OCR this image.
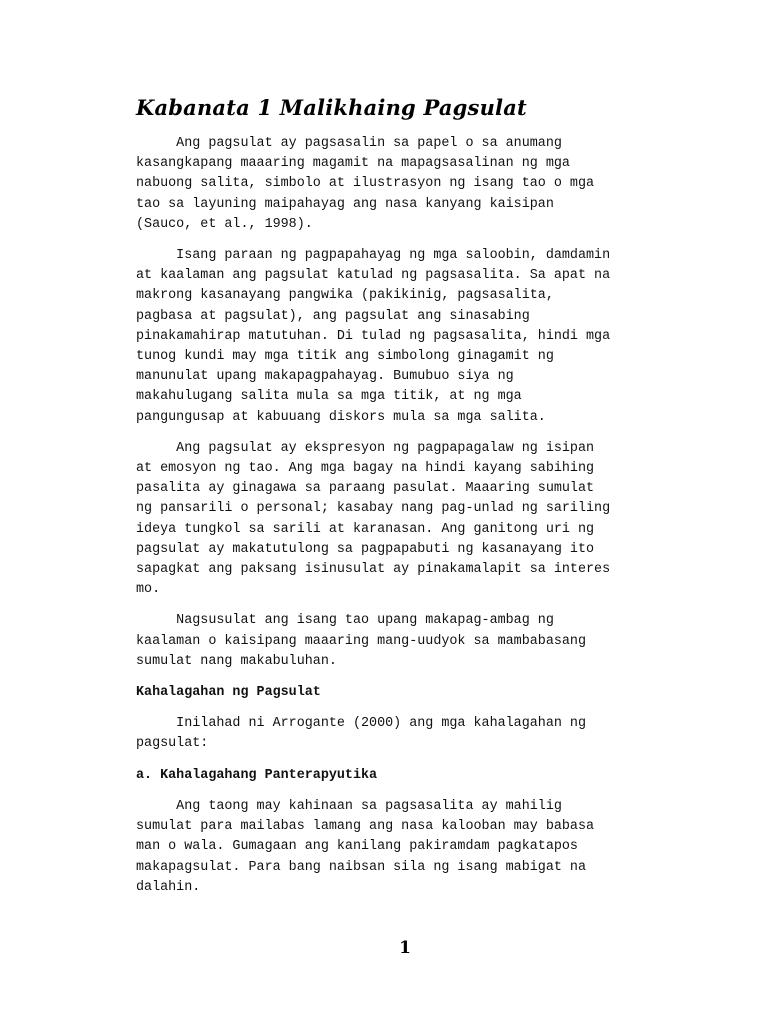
Kabanata 1 Malikhaing Pagsulat
Ang pagsulat ay pagsasalin sa papel o sa anumang
kasangkapang maaaring magamit na mapagsasalinan ng mga
nabuong salita, simbolo at ilustrasyon ng isang tao o mga
tao sa layuning maipahayag ang nasa kanyang kaisipan
(Sauco, et al., 1998).
Isang paraan ng pagpapahayag ng mga saloobin, damdamin
at kaalaman ang pagsulat katulad ng pagsasalita. Sa apat na
makrong kasanayang pangwika (pakikinig, pagsasalita,
pagbasa at pagsulat), ang pagsulat ang sinasabing
pinakamahirap matutuhan. Di tulad ng pagsasalita, hindi mga
tunog kundi may mga titik ang simbolong ginagamit ng
manunulat upang makapagpahayag. Bumubuo siya ng
makahulugang salita mula sa mga titik, at ng mga
pangungusap at kabuuang diskors mula sa mga salita.
Ang pagsulat ay ekspresyon ng pagpapagalaw ng isipan
at emosyon ng tao. Ang mga bagay na hindi kayang sabihing
pasalita ay ginagawa sa paraang pasulat. Maaaring sumulat
ng pansarili o personal; kasabay nang pag-unlad ng sariling
ideya tungkol sa sarili at karanasan. Ang ganitong uri ng
pagsulat ay makatutulong sa pagpapabuti ng kasanayang ito
sapagkat ang paksang isinusulat ay pinakamalapit sa interes
mo.
Nagsusulat ang isang tao upang makapag-ambag ng
kaalaman o kaisipang maaaring mang-uudyok sa mambabasang
sumulat nang makabuluhan.
Kahalagahan ng Pagsulat
Inilahad ni Arrogante (2000) ang mga kahalagahan ng
pagsulat:
a. Kahalagahang Panterapyutika
Ang taong may kahinaan sa pagsasalita ay mahilig
sumulat para mailabas lamang ang nasa kalooban may babasa
man o wala. Gumagaan ang kanilang pakiramdam pagkatapos
makapagsulat. Para bang naibsan sila ng isang mabigat na
dalahin.
1
